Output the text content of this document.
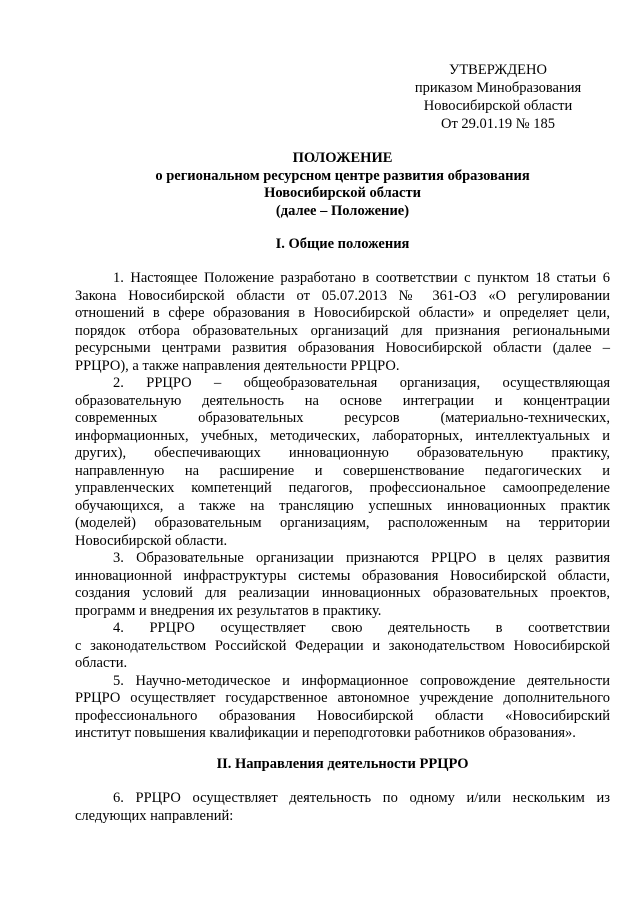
УТВЕРЖДЕНО
приказом Минобразования
Новосибирской области
От 29.01.19 № 185
ПОЛОЖЕНИЕ
о региональном ресурсном центре развития образования
Новосибирской области
(далее – Положение)
I. Общие положения
1. Настоящее Положение разработано в соответствии с пунктом 18 статьи 6
Закона Новосибирской области от 05.07.2013 № 361-ОЗ «О регулировании
отношений в сфере образования в Новосибирской области» и определяет цели,
порядок отбора образовательных организаций для признания региональными
ресурсными центрами развития образования Новосибирской области (далее –
РРЦРО), а также направления деятельности РРЦРО.
2. РРЦРО – общеобразовательная организация, осуществляющая
образовательную деятельность на основе интеграции и концентрации
современных образовательных ресурсов (материально-технических,
информационных, учебных, методических, лабораторных, интеллектуальных и
других), обеспечивающих инновационную образовательную практику,
направленную на расширение и совершенствование педагогических и
управленческих компетенций педагогов, профессиональное самоопределение
обучающихся, а также на трансляцию успешных инновационных практик
(моделей) образовательным организациям, расположенным на территории
Новосибирской области.
3. Образовательные организации признаются РРЦРО в целях развития
инновационной инфраструктуры системы образования Новосибирской области,
создания условий для реализации инновационных образовательных проектов,
программ и внедрения их результатов в практику.
4. РРЦРО осуществляет свою деятельность в соответствии
с законодательством Российской Федерации и законодательством Новосибирской
области.
5. Научно-методическое и информационное сопровождение деятельности
РРЦРО осуществляет государственное автономное учреждение дополнительного
профессионального образования Новосибирской области «Новосибирский
институт повышения квалификации и переподготовки работников образования».
II. Направления деятельности РРЦРО
6. РРЦРО осуществляет деятельность по одному и/или нескольким из
следующих направлений:
